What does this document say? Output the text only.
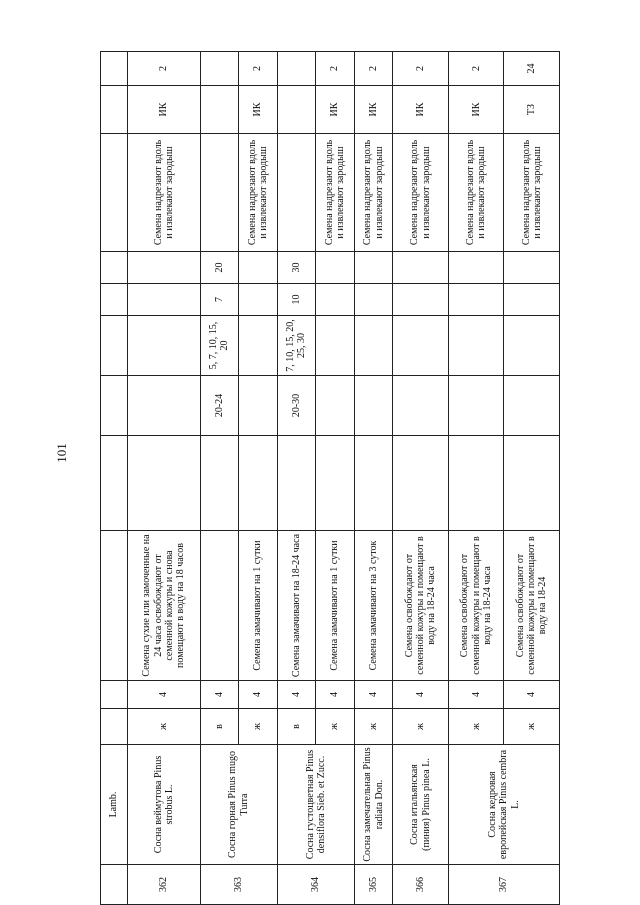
101
	Lamb.											
362	Сосна веймутова Pinus strobus L.	ж	4	Семена сухие или замоченные на 24 часа освобождают от семенной кожуры и снова помещают в воду на 18 часов						Семена надрезают вдоль и извлекают зародыш	ИК	2
363	Сосна горная Pinus mugo Turra	в	4			20-24	5, 7, 10, 15, 20	7	20			
		ж	4	Семена замачивают на 1 сутки						Семена надрезают вдоль и извлекают зародыш	ИК	2
364	Сосна густоцветная Pinus densiflora Sieb. et Zucc.	в	4	Семена замачивают на 18-24 часа		20-30	7, 10, 15, 20, 25, 30	10	30			
		ж	4	Семена замачивают на 1 сутки						Семена надрезают вдоль и извлекают зародыш	ИК	2
365	Сосна замечательная Pinus radiata Don.	ж	4	Семена замачивают на 3 суток						Семена надрезают вдоль и извлекают зародыш	ИК	2
366	Сосна итальянская (пиния) Pinus pinea L.	ж	4	Семена освобождают от семенной кожуры и помещают в воду на 18-24 часа						Семена надрезают вдоль и извлекают зародыш	ИК	2
367	Сосна кедровая европейская Pinus cembra L.	ж	4	Семена освобождают от семенной кожуры и помещают в воду на 18-24 часа						Семена надрезают вдоль и извлекают зародыш	ИК	2
		ж	4	Семена освобождают от семенной кожуры и помещают в воду на 18-24						Семена надрезают вдоль и извлекают зародыш	ТЗ	24
